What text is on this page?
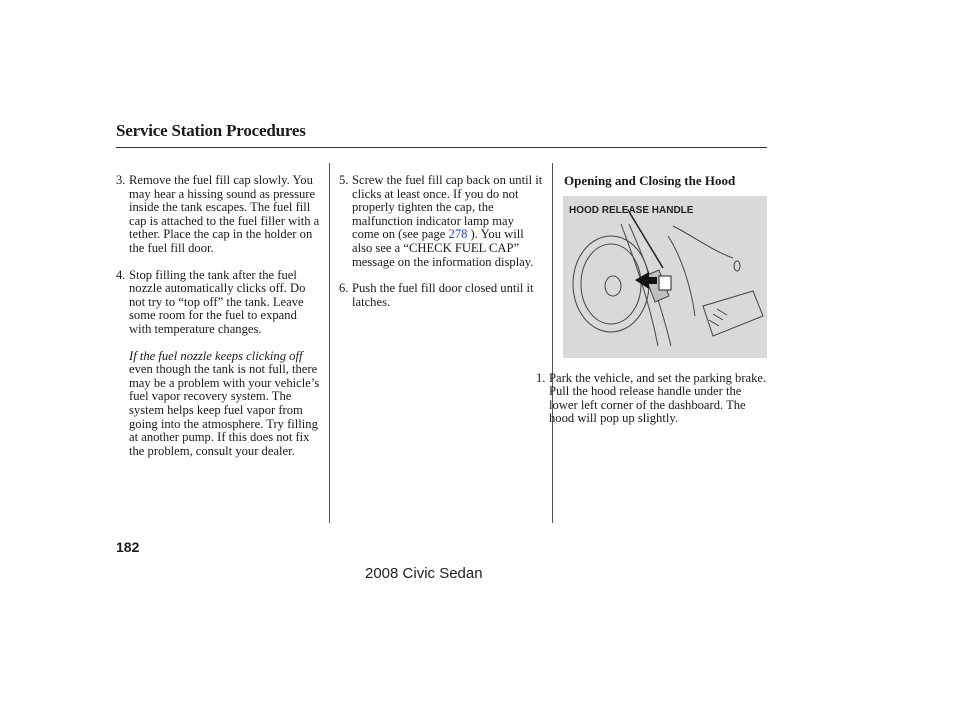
Service Station Procedures
3. Remove the fuel fill cap slowly. You may hear a hissing sound as pressure inside the tank escapes. The fuel fill cap is attached to the fuel filler with a tether. Place the cap in the holder on the fuel fill door.
4. Stop filling the tank after the fuel nozzle automatically clicks off. Do not try to “top off” the tank. Leave some room for the fuel to expand with temperature changes.
If the fuel nozzle keeps clicking off
even though the tank is not full, there may be a problem with your vehicle’s fuel vapor recovery system. The system helps keep fuel vapor from going into the atmosphere. Try filling at another pump. If this does not fix the problem, consult your dealer.
5. Screw the fuel fill cap back on until it clicks at least once. If you do not properly tighten the cap, the malfunction indicator lamp may come on (see page 278 ). You will also see a “CHECK FUEL CAP” message on the information display.
6. Push the fuel fill door closed until it latches.
Opening and Closing the Hood
HOOD RELEASE HANDLE
1. Park the vehicle, and set the parking brake. Pull the hood release handle under the lower left corner of the dashboard. The hood will pop up slightly.
182
2008 Civic Sedan
